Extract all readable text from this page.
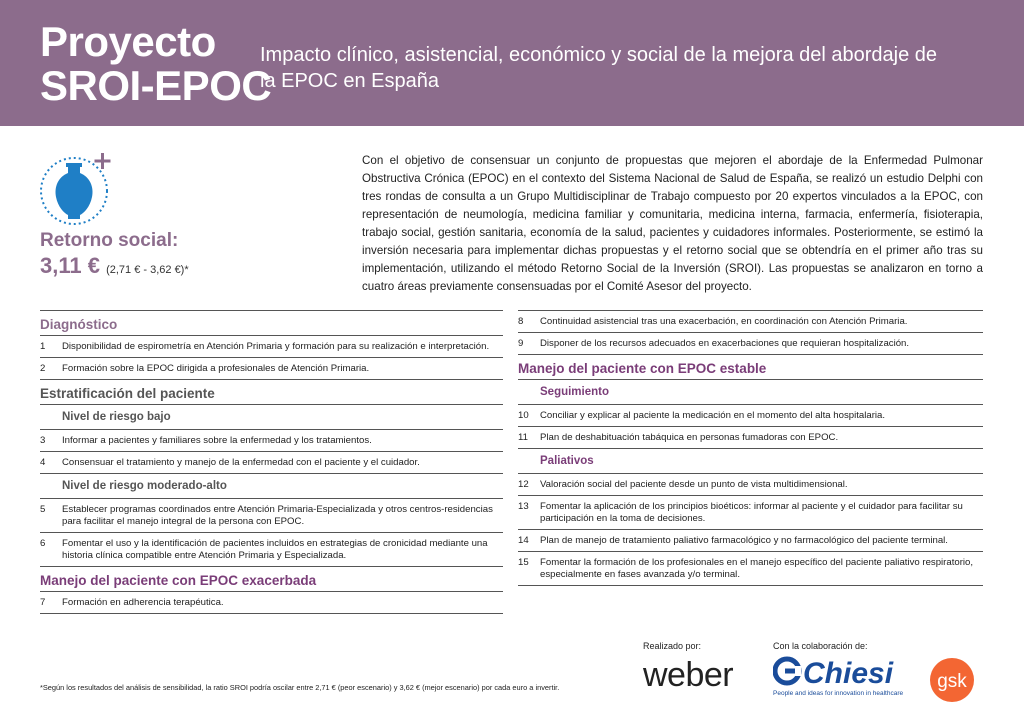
Proyecto
SROI-EPOC
Impacto clínico, asistencial, económico y social de la mejora del abordaje de la EPOC en España
Retorno social:
3,11 € (2,71 € - 3,62 €)*
Con el objetivo de consensuar un conjunto de propuestas que mejoren el abordaje de la Enfermedad Pulmonar Obstructiva Crónica (EPOC) en el contexto del Sistema Nacional de Salud de España, se realizó un estudio Delphi con tres rondas de consulta a un Grupo Multidisciplinar de Trabajo compuesto por 20 expertos vinculados a la EPOC, con representación de neumología, medicina familiar y comunitaria, medicina interna, farmacia, enfermería, fisioterapia, trabajo social, gestión sanitaria, economía de la salud, pacientes y cuidadores informales. Posteriormente, se estimó la inversión necesaria para implementar dichas propuestas y el retorno social que se obtendría en el primer año tras su implementación, utilizando el método Retorno Social de la Inversión (SROI). Las propuestas se analizaron en torno a cuatro áreas previamente consensuadas por el Comité Asesor del proyecto.
Diagnóstico
1	Disponibilidad de espirometría en Atención Primaria y formación para su realización e interpretación.
2	Formación sobre la EPOC dirigida a profesionales de Atención Primaria.
Estratificación del paciente
Nivel de riesgo bajo
3	Informar a pacientes y familiares sobre la enfermedad y los tratamientos.
4	Consensuar el tratamiento y manejo de la enfermedad con el paciente y el cuidador.
Nivel de riesgo moderado-alto
5	Establecer programas coordinados entre Atención Primaria-Especializada y otros centros-residencias para facilitar el manejo integral de la persona con EPOC.
6	Fomentar el uso y la identificación de pacientes incluidos en estrategias de cronicidad mediante una historia clínica compatible entre Atención Primaria y Especializada.
Manejo del paciente con EPOC exacerbada
7	Formación en adherencia terapéutica.
8	Continuidad asistencial tras una exacerbación, en coordinación con Atención Primaria.
9	Disponer de los recursos adecuados en exacerbaciones que requieran hospitalización.
Manejo del paciente con EPOC estable
Seguimiento
10	Conciliar y explicar al paciente la medicación en el momento del alta hospitalaria.
11	Plan de deshabituación tabáquica en personas fumadoras con EPOC.
Paliativos
12	Valoración social del paciente desde un punto de vista multidimensional.
13	Fomentar la aplicación de los principios bioéticos: informar al paciente y el cuidador para facilitar su participación en la toma de decisiones.
14	Plan de manejo de tratamiento paliativo farmacológico y no farmacológico del paciente terminal.
15	Fomentar la formación de los profesionales en el manejo específico del paciente paliativo respiratorio, especialmente en fases avanzada y/o terminal.
*Según los resultados del análisis de sensibilidad, la ratio SROI podría oscilar entre 2,71 € (peor escenario) y 3,62 € (mejor escenario) por cada euro a invertir.
Realizado por:	Con la colaboración de:
weber Chiesi
People and ideas for innovation in healthcare
gsk
